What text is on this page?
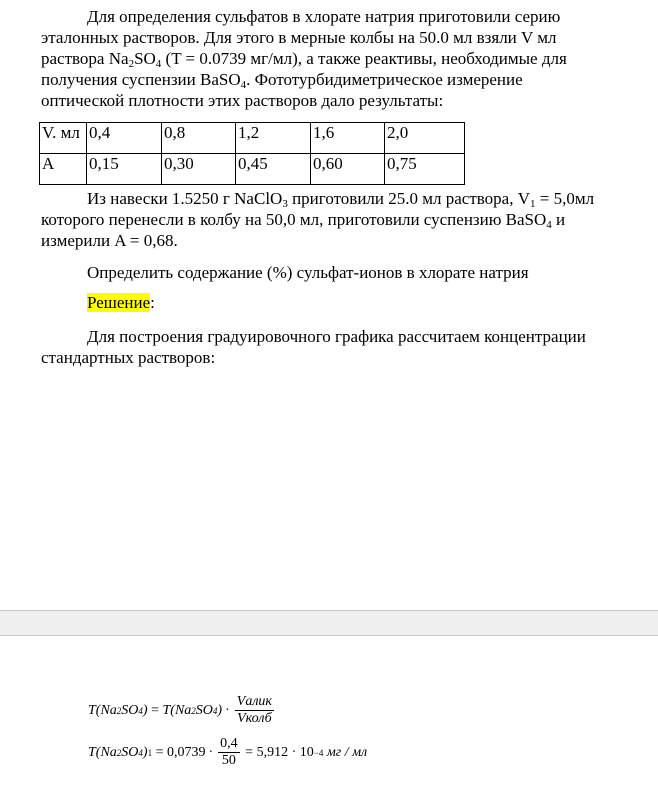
Для определения сульфатов в хлорате натрия приготовили серию
эталонных растворов. Для этого в мерные колбы на 50.0 мл взяли V мл
раствора $Na_2SO_4$ (T = 0.0739 мг/мл), а также реактивы, необходимые для
получения суспензии BaSO$_4$. Фототурбидиметрическое измерение
оптической плотности этих растворов дало результаты:

V. мл	0,4	0,8	1,2	1,6	2,0
A	0,15	0,30	0,45	0,60	0,75

Из навески 1.5250 г NaClO$_3$ приготовили 25.0 мл раствора, $V_1 = 5,0мл$
которого перенесли в колбу на 50,0 мл, приготовили суспензию BaSO$_4$ и
измерили A = 0,68.

Определить содержание (%) сульфат-ионов в хлорате натрия

Решение:

Для построения градуировочного графика рассчитаем концентрации
стандартных растворов:

T(Na 2 SO 4 ) = T(Na 2 SO 4 ) · $\frac{\text{Vалик}}{\text{Vколб}}$
T(Na 2 SO 4 ) $1 = 0,0739 \cdot \frac{0,4}{50} = 5,912 \cdot 10 -4$ мг / мл
